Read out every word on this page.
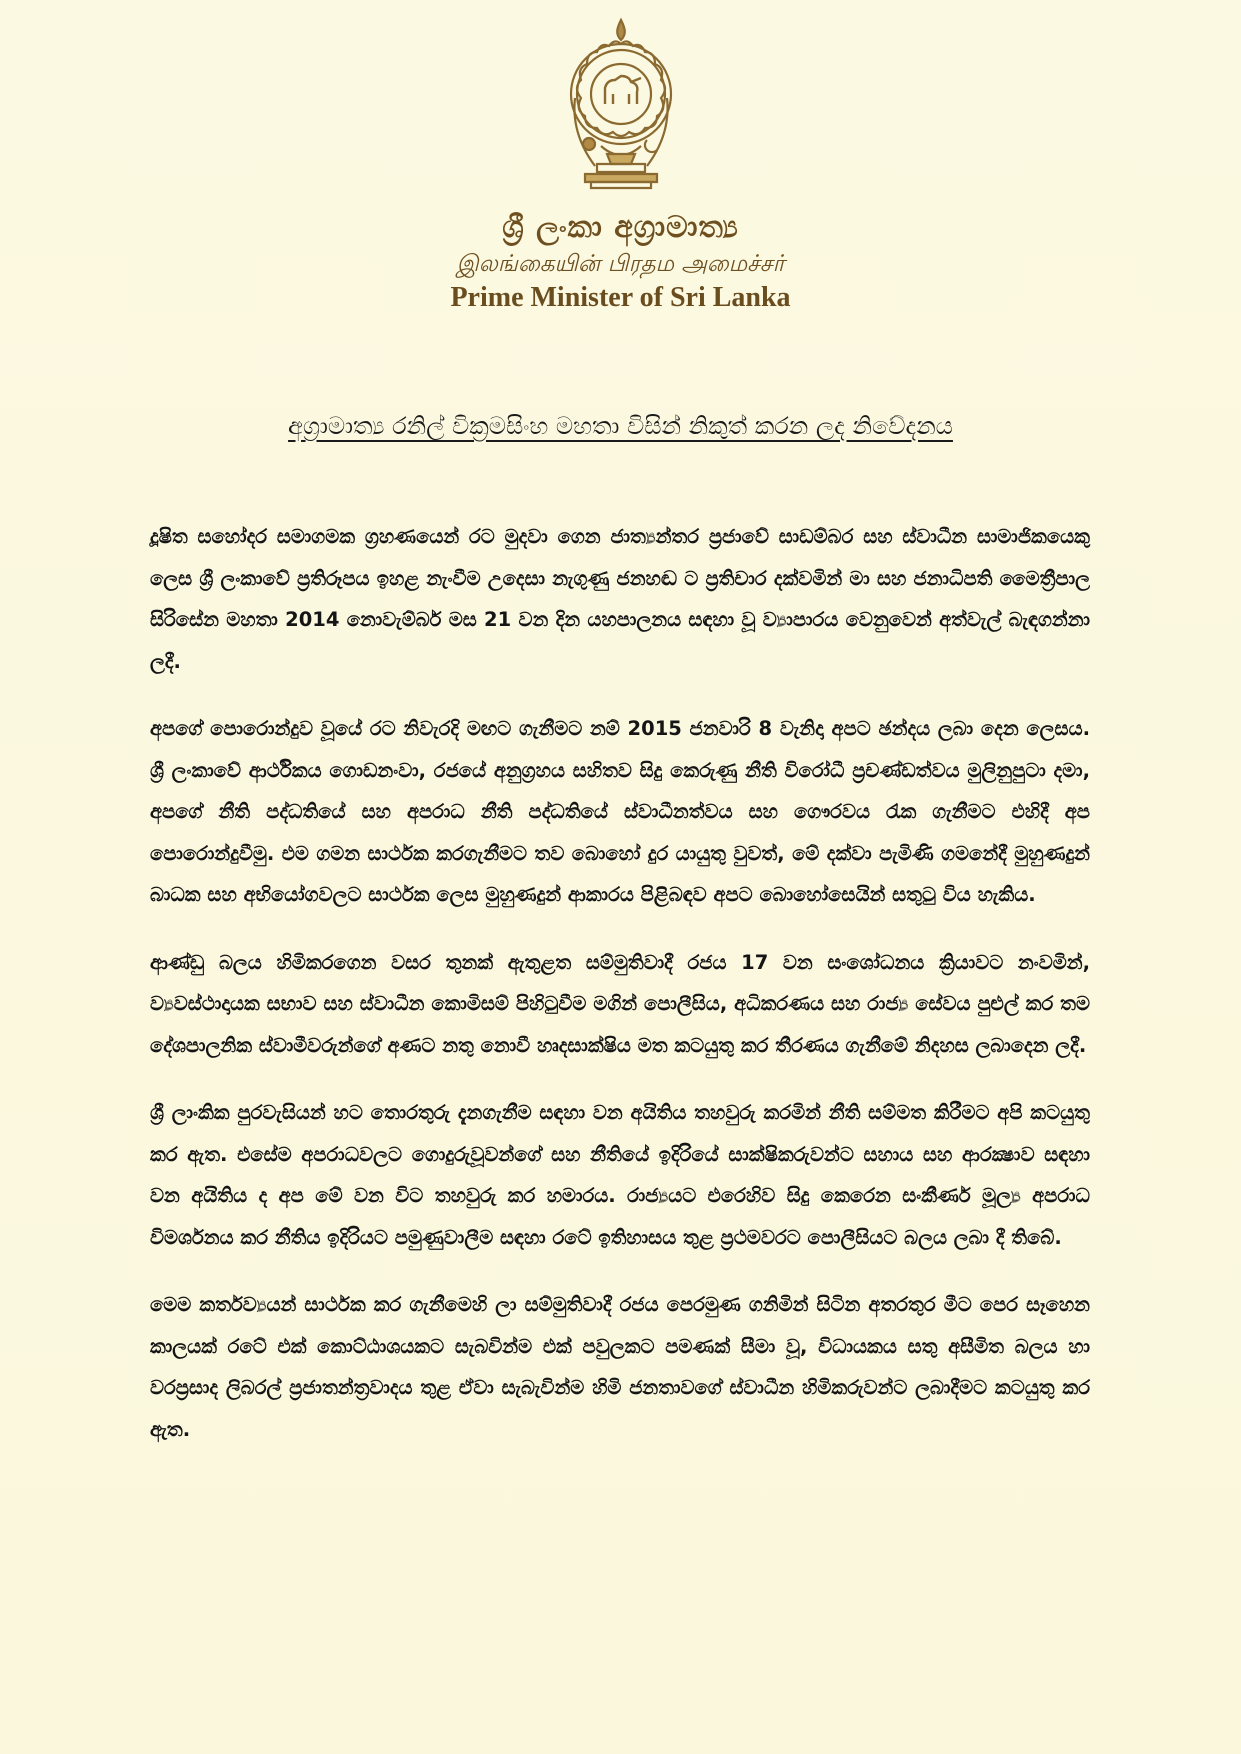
ශ්‍රී ලංකා අග්‍රාමාත්‍ය
இலங்கையின் பிரதம அமைச்சர்
Prime Minister of Sri Lanka
අග්‍රාමාත්‍ය රනිල් වික්‍රමසිංහ මහතා විසින් නිකුත් කරන ලද නිවේදනය

දූෂිත සහෝදර සමාගමක ග්‍රහණයෙන් රට මුදවා ගෙන ජාත්‍යන්තර ප්‍රජාවේ සාඩම්බර සහ ස්වාධීන සාමාජිකයෙකු ලෙස ශ්‍රී ලංකාවේ ප්‍රතිරූපය ඉහළ නැංවීම උදෙසා නැගුණු ජනහඬ ට ප්‍රතිචාර දක්වමින් මා සහ ජනාධිපති මෛත්‍රීපාල සිරිසේන මහතා 2014 නොවැම්බර් මස 21 වන දින යහපාලනය සඳහා වූ ව්‍යාපාරය වෙනුවෙන් අත්වැල් බැඳගන්නා ලදී.

අපගේ පොරොන්දුව වූයේ රට නිවැරදි මඟට ගැනීමට නම් 2015 ජනවාරි 8 වැනිදා අපට ඡන්දය ලබා දෙන ලෙසය. ශ්‍රී ලංකාවේ ආර්ථිකය ගොඩනංවා, රජයේ අනුග්‍රහය සහිතව සිදු කෙරුණු නීති විරෝධී ප්‍රචණ්ඩත්වය මුලිනුපුටා දමා, අපගේ නීති පද්ධතියේ සහ අපරාධ නීති පද්ධතියේ ස්වාධීනත්වය සහ ගෞරවය රැක ගැනීමට එහිදී අප පොරොන්දුවීමු. එම ගමන සාර්ථක කරගැනීමට තව බොහෝ දුර යායුතු වුවත්, මේ දක්වා පැමිණි ගමනේදී මුහුණදුන් බාධක සහ අභියෝගවලට සාර්ථක ලෙස මුහුණදුන් ආකාරය පිළිබඳව අපට බොහෝසෙයින් සතුටු විය හැකිය.

ආණ්ඩු බලය හිමිකරගෙන වසර තුනක් ඇතුළත සම්මුතිවාදී රජය 17 වන සංශෝධනය ක්‍රියාවට නංවමින්, ව්‍යවස්ථාදායක සභාව සහ ස්වාධීන කොමිසම් පිහිටුවීම මගින් පොලීසිය, අධිකරණය සහ රාජ්‍ය සේවය පුළුල් කර තම දේශපාලනික ස්වාමීවරුන්ගේ අණට නතු නොවී හෘදසාක්ෂිය මත කටයුතු කර තීරණය ගැනීමේ නිදහස ලබාදෙන ලදී.

ශ්‍රී ලාංකික පුරවැසියන් හට තොරතුරු දැනගැනීම සඳහා වන අයිතිය තහවුරු කරමින් නීති සම්මත කිරීමට අපි කටයුතු කර ඇත. එසේම අපරාධවලට ගොදුරුවූවන්ගේ සහ නීතියේ ඉදිරියේ සාක්ෂිකරුවන්ට සහාය සහ ආරක්‍ෂාව සඳහා වන අයිතිය ද අප මේ වන විට තහවුරු කර හමාරය. රාජ්‍යයට එරෙහිව සිදු කෙරෙන සංකීර්ණ මූල්‍ය අපරාධ විමර්ශනය කර නීතිය ඉදිරියට පමුණුවාලීම සඳහා රටේ ඉතිහාසය තුළ ප්‍රථමවරට පොලීසියට බලය ලබා දී තිබේ.

මෙම කර්තව්‍යයන් සාර්ථක කර ගැනීමෙහි ලා සම්මුතිවාදී රජය පෙරමුණ ගනිමින් සිටින අතරතුර මීට පෙර සෑහෙන කාලයක් රටේ එක් කොට්ඨාශයකට සැබවින්ම එක් පවුලකට පමණක් සීමා වූ, විධායකය සතු අසීමිත බලය හා වරප්‍රසාද ලිබරල් ප්‍රජාතන්ත්‍රවාදය තුළ ඒවා සැබැවින්ම හිමි ජනතාවගේ ස්වාධීන හිමිකරුවන්ට ලබාදීමට කටයුතු කර ඇත.
